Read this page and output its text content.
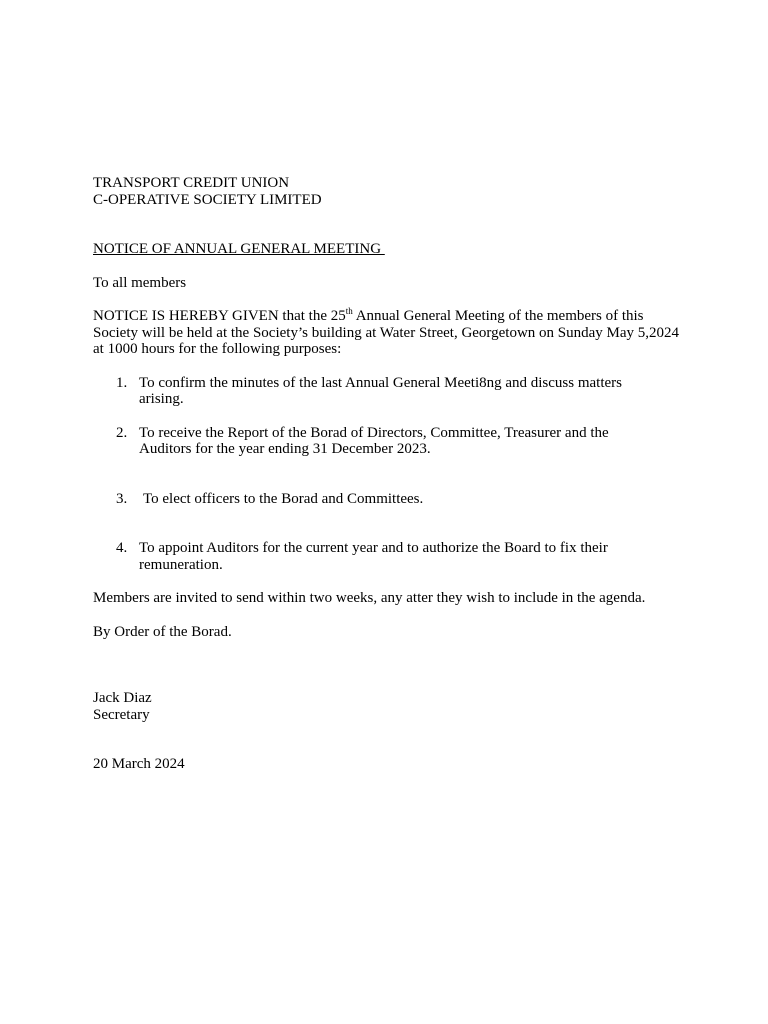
TRANSPORT CREDIT UNION
C-OPERATIVE SOCIETY LIMITED
NOTICE OF ANNUAL GENERAL MEETING
To all members
NOTICE IS HEREBY GIVEN that the 25th Annual General Meeting of the members of this Society will be held at the Society’s building at Water Street, Georgetown on Sunday May 5,2024 at 1000 hours for the following purposes:
1. To confirm the minutes of the last Annual General Meeti8ng and discuss matters
arising.
2. To receive the Report of the Borad of Directors, Committee, Treasurer and the
Auditors for the year ending 31 December 2023.
3. To elect officers to the Borad and Committees.
4. To appoint Auditors for the current year and to authorize the Board to fix their
remuneration.
Members are invited to send within two weeks, any atter they wish to include in the agenda.
By Order of the Borad.
Jack Diaz
Secretary
20 March 2024
